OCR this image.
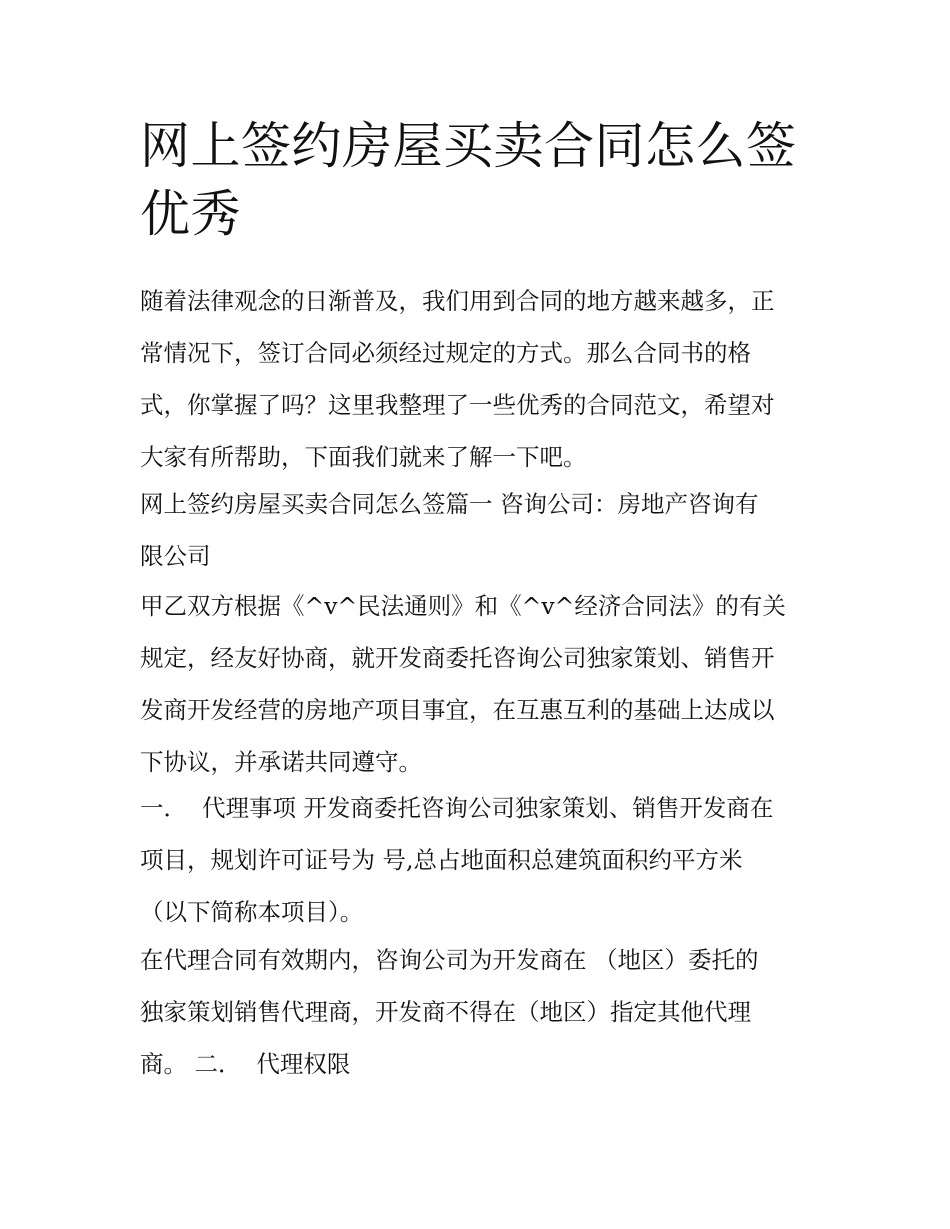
网上签约房屋买卖合同怎么签
优秀

随着法律观念的日渐普及，我们用到合同的地方越来越多，正
常情况下，签订合同必须经过规定的方式。那么合同书的格
式，你掌握了吗？这里我整理了一些优秀的合同范文，希望对
大家有所帮助，下面我们就来了解一下吧。

网上签约房屋买卖合同怎么签篇一 咨询公司：房地产咨询有
限公司

甲乙双方根据《^v^民法通则》和《^v^经济合同法》的有关
规定，经友好协商，就开发商委托咨询公司独家策划、销售开
发商开发经营的房地产项目事宜，在互惠互利的基础上达成以
下协议，并承诺共同遵守。

一．  代理事项 开发商委托咨询公司独家策划、销售开发商在
项目，规划许可证号为 号,总占地面积总建筑面积约平方米
（以下简称本项目）。

在代理合同有效期内，咨询公司为开发商在 （地区）委托的
独家策划销售代理商，开发商不得在（地区）指定其他代理
商。 二．  代理权限
